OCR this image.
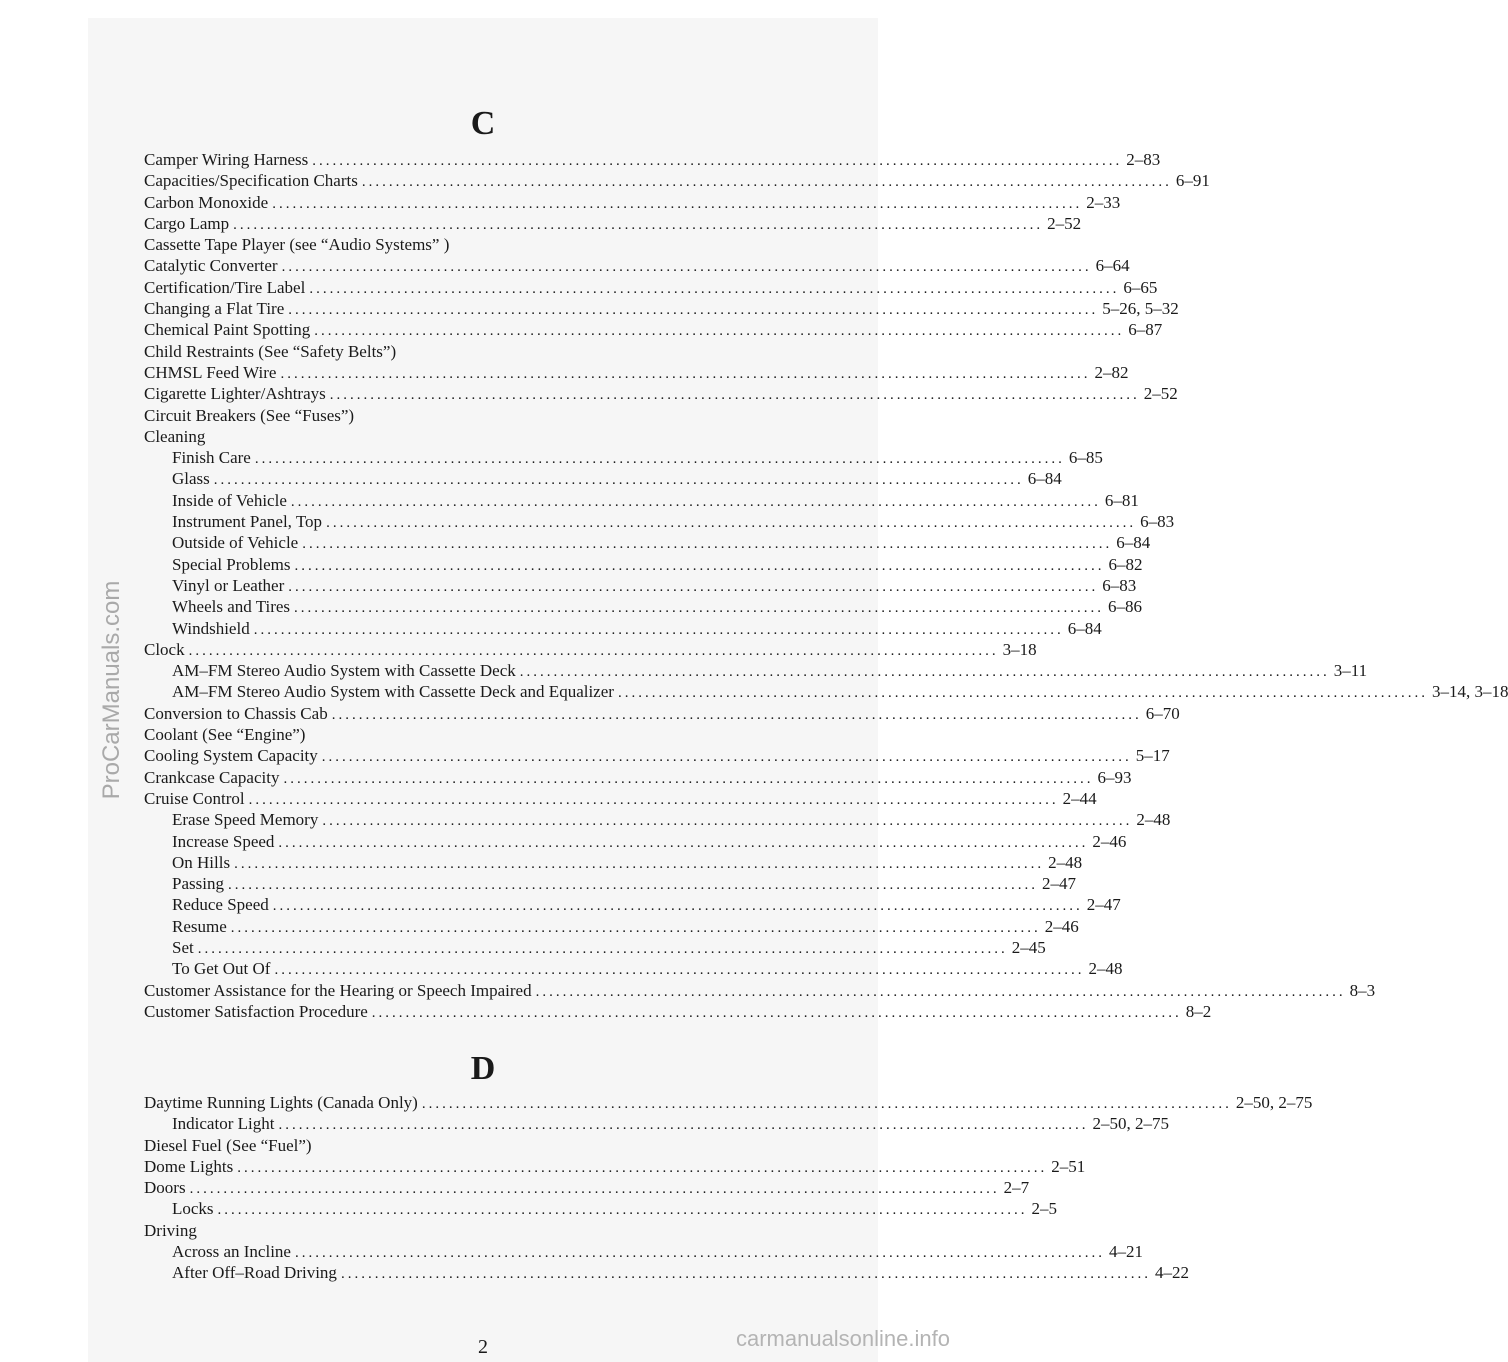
C
Camper Wiring Harness ........................................................................................................................ 2–83
Capacities/Specification Charts ........................................................................................................................ 6–91
Carbon Monoxide ........................................................................................................................ 2–33
Cargo Lamp ........................................................................................................................ 2–52
Cassette Tape Player (see “Audio Systems” )
Catalytic Converter ........................................................................................................................ 6–64
Certification/Tire Label ........................................................................................................................ 6–65
Changing a Flat Tire ........................................................................................................................ 5–26, 5–32
Chemical Paint Spotting ........................................................................................................................ 6–87
Child Restraints (See “Safety Belts”)
CHMSL Feed Wire ........................................................................................................................ 2–82
Cigarette Lighter/Ashtrays ........................................................................................................................ 2–52
Circuit Breakers (See “Fuses”)
Cleaning
Finish Care ........................................................................................................................ 6–85
Glass ........................................................................................................................ 6–84
Inside of Vehicle ........................................................................................................................ 6–81
Instrument Panel, Top ........................................................................................................................ 6–83
Outside of Vehicle ........................................................................................................................ 6–84
Special Problems ........................................................................................................................ 6–82
Vinyl or Leather ........................................................................................................................ 6–83
Wheels and Tires ........................................................................................................................ 6–86
Windshield ........................................................................................................................ 6–84
Clock ........................................................................................................................ 3–18
AM–FM Stereo Audio System with Cassette Deck ........................................................................................................................ 3–11
AM–FM Stereo Audio System with Cassette Deck and Equalizer ........................................................................................................................ 3–14, 3–18
Conversion to Chassis Cab ........................................................................................................................ 6–70
Coolant (See “Engine”)
Cooling System Capacity ........................................................................................................................ 5–17
Crankcase Capacity ........................................................................................................................ 6–93
Cruise Control ........................................................................................................................ 2–44
Erase Speed Memory ........................................................................................................................ 2–48
Increase Speed ........................................................................................................................ 2–46
On Hills ........................................................................................................................ 2–48
Passing ........................................................................................................................ 2–47
Reduce Speed ........................................................................................................................ 2–47
Resume ........................................................................................................................ 2–46
Set ........................................................................................................................ 2–45
To Get Out Of ........................................................................................................................ 2–48
Customer Assistance for the Hearing or Speech Impaired ........................................................................................................................ 8–3
Customer Satisfaction Procedure ........................................................................................................................ 8–2
D
Daytime Running Lights (Canada Only) ........................................................................................................................ 2–50, 2–75
Indicator Light ........................................................................................................................ 2–50, 2–75
Diesel Fuel (See “Fuel”)
Dome Lights ........................................................................................................................ 2–51
Doors ........................................................................................................................ 2–7
Locks ........................................................................................................................ 2–5
Driving
Across an Incline ........................................................................................................................ 4–21
After Off–Road Driving ........................................................................................................................ 4–22
2
ProCarManuals.com
carmanualsonline.info
